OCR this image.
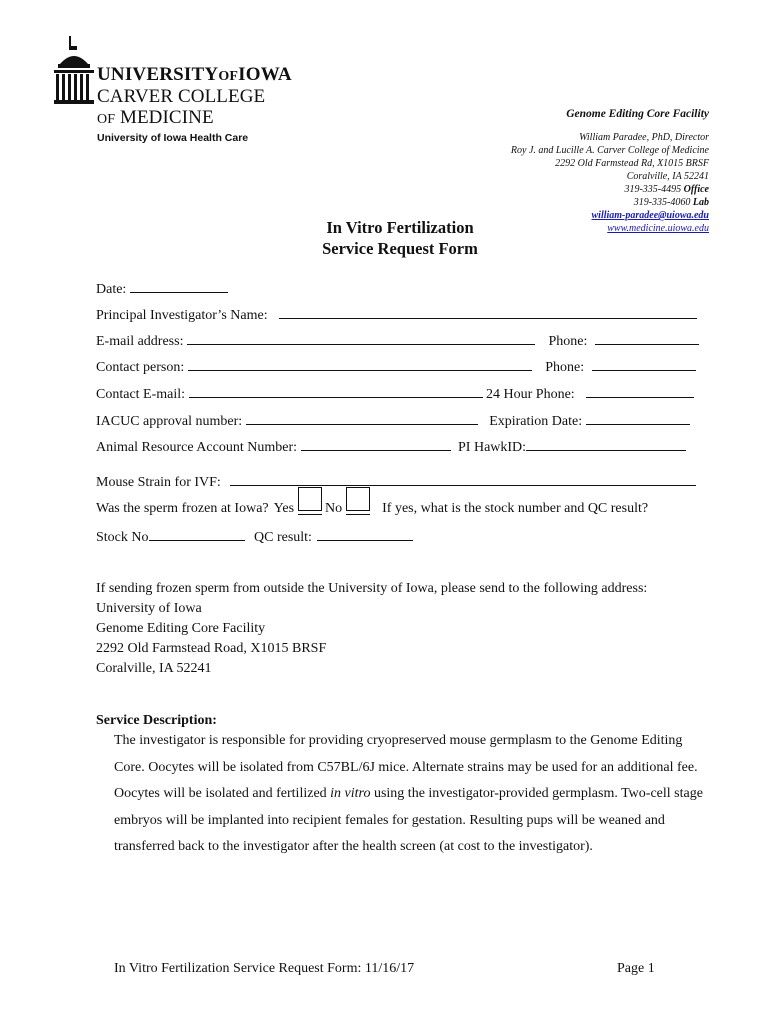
UNIVERSITYOFIOWA
CARVER COLLEGE
OF MEDICINE
University of Iowa Health Care
Genome Editing Core Facility
William Paradee, PhD, Director
Roy J. and Lucille A. Carver College of Medicine
2292 Old Farmstead Rd, X1015 BRSF
Coralville, IA 52241
319-335-4495 Office
319-335-4060 Lab
william-paradee@uiowa.edu
www.medicine.uiowa.edu
In Vitro Fertilization
Service Request Form
Date:
Principal Investigator’s Name:
E-mail address:	Phone:
Contact person:	Phone:
Contact E-mail:	24 Hour Phone:
IACUC approval number:	Expiration Date:
Animal Resource Account Number:	PI HawkID:
Mouse Strain for IVF:
Was the sperm frozen at Iowa? Yes No	If yes, what is the stock number and QC result?
Stock No	QC result:
If sending frozen sperm from outside the University of Iowa, please send to the following address:
University of Iowa
Genome Editing Core Facility
2292 Old Farmstead Road, X1015 BRSF
Coralville, IA 52241
Service Description:
The investigator is responsible for providing cryopreserved mouse germplasm to the Genome Editing Core. Oocytes will be isolated from C57BL/6J mice. Alternate strains may be used for an additional fee. Oocytes will be isolated and fertilized in vitro using the investigator-provided germplasm. Two-cell stage embryos will be implanted into recipient females for gestation. Resulting pups will be weaned and transferred back to the investigator after the health screen (at cost to the investigator).
In Vitro Fertilization Service Request Form: 11/16/17	Page 1
